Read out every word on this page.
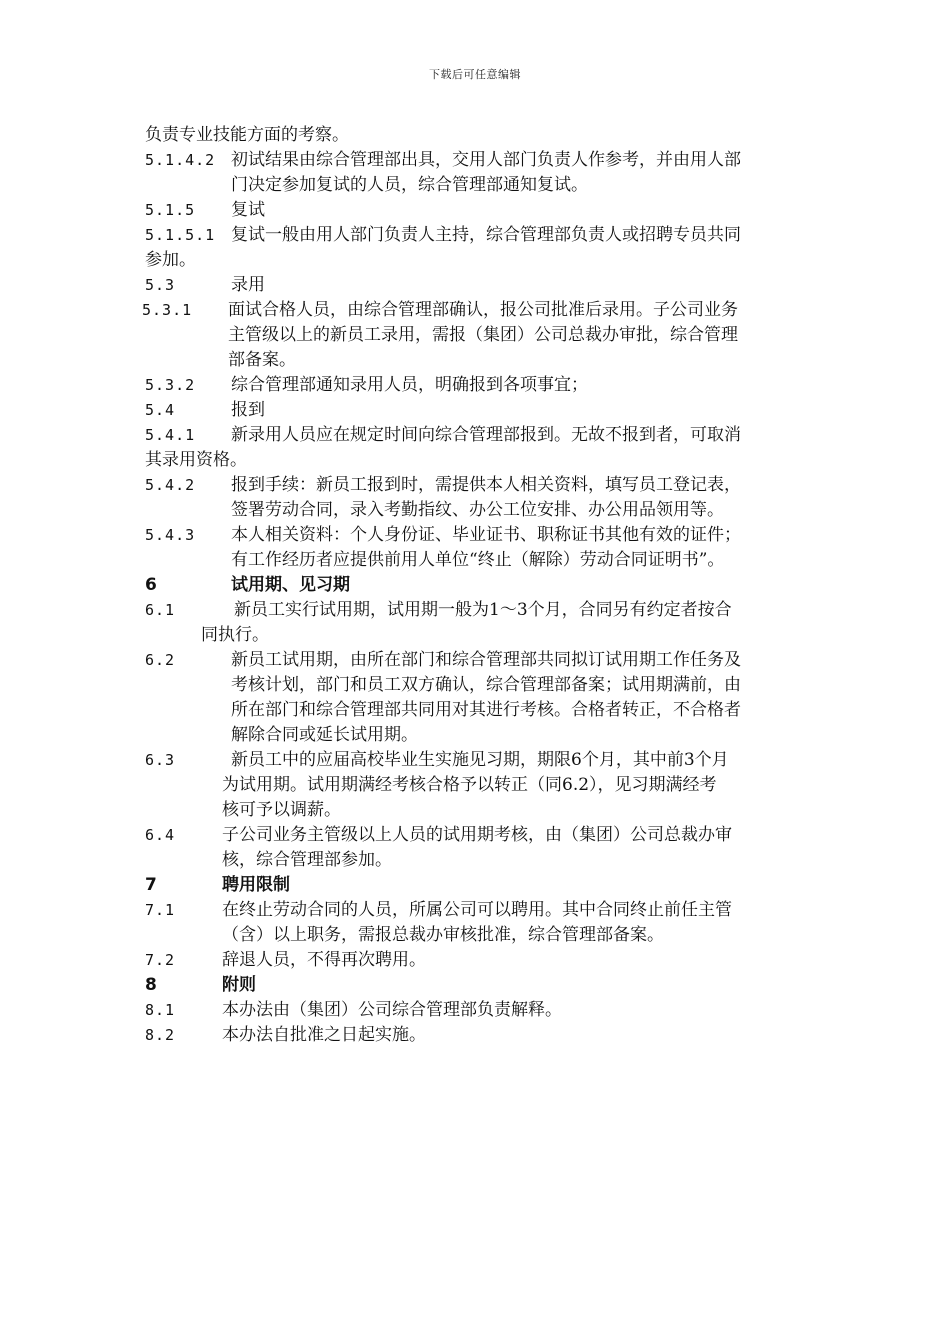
下载后可任意编辑
负责专业技能方面的考察。
5.1.4.2 初试结果由综合管理部出具，交用人部门负责人作参考，并由用人部
门决定参加复试的人员，综合管理部通知复试。
5.1.5 复试
5.1.5.1 复试一般由用人部门负责人主持，综合管理部负责人或招聘专员共同
参加。
5.3	录用
5.3.1 面试合格人员，由综合管理部确认，报公司批准后录用。子公司业务
主管级以上的新员工录用，需报（集团）公司总裁办审批，综合管理
部备案。
5.3.2 综合管理部通知录用人员，明确报到各项事宜；
5.4	报到
5.4.1 新录用人员应在规定时间向综合管理部报到。无故不报到者，可取消
其录用资格。
5.4.2 报到手续：新员工报到时，需提供本人相关资料，填写员工登记表，
签署劳动合同，录入考勤指纹、办公工位安排、办公用品领用等。
5.4.3 本人相关资料：个人身份证、毕业证书、职称证书其他有效的证件；
有工作经历者应提供前用人单位“终止（解除）劳动合同证明书”。
6	试用期、见习期
6.1	新员工实行试用期，试用期一般为1～3个月，合同另有约定者按合
同执行。
6.2	新员工试用期，由所在部门和综合管理部共同拟订试用期工作任务及
考核计划，部门和员工双方确认，综合管理部备案；试用期满前，由
所在部门和综合管理部共同用对其进行考核。合格者转正，不合格者
解除合同或延长试用期。
6.3	新员工中的应届高校毕业生实施见习期，期限6个月，其中前3个月
为试用期。试用期满经考核合格予以转正（同6.2），见习期满经考
核可予以调薪。
6.4	子公司业务主管级以上人员的试用期考核，由（集团）公司总裁办审
核，综合管理部参加。
7	聘用限制
7.1	在终止劳动合同的人员，所属公司可以聘用。其中合同终止前任主管
（含）以上职务，需报总裁办审核批准，综合管理部备案。
7.2	辞退人员，不得再次聘用。
8	附则
8.1	本办法由（集团）公司综合管理部负责解释。
8.2	本办法自批准之日起实施。
